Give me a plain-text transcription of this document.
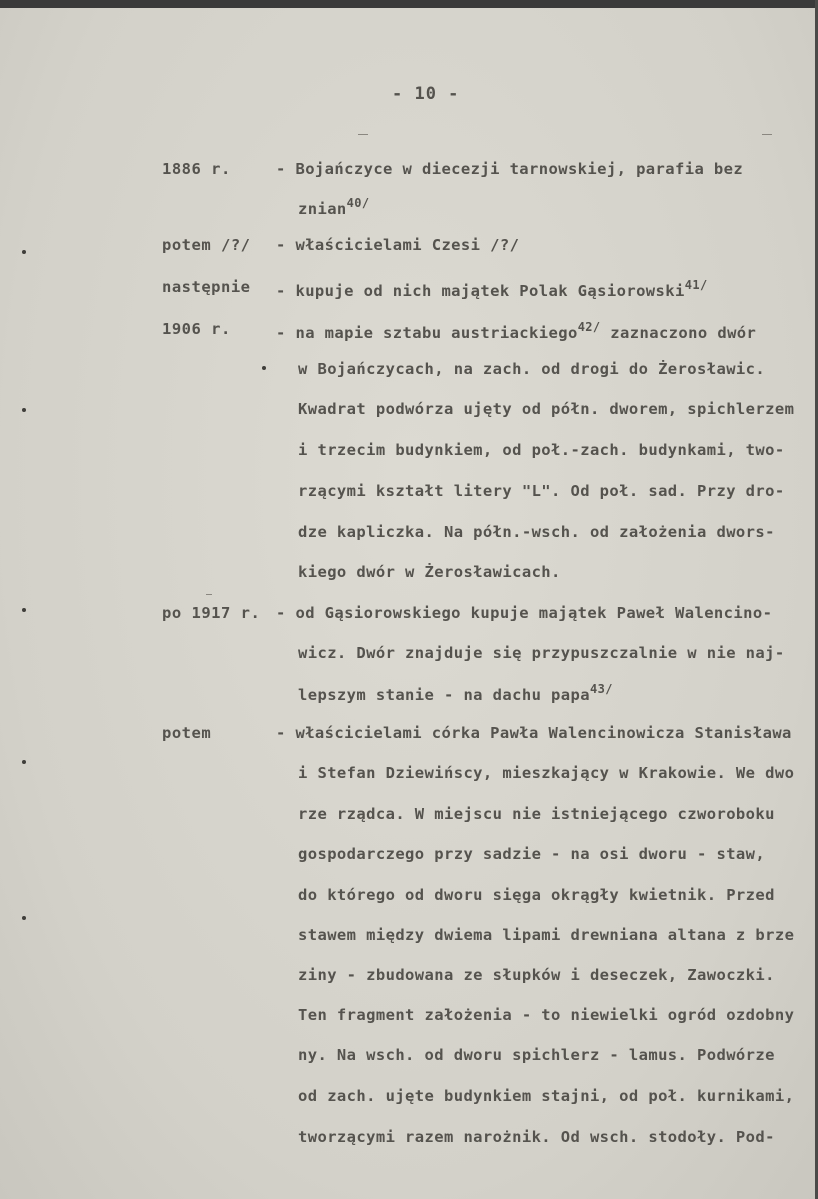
- 10 -
1886 r.	- Bojańczyce w diecezji tarnowskiej, parafia bez
znian$^{40/}$
potem /?/ - właścicielami Czesi /?/
następnie - kupuje od nich majątek Polak Gąsiorowski$^{41/}$
1906 r.	- na mapie sztabu austriackiego$^{42/}$ zaznaczono dwór
w Bojańczycach, na zach. od drogi do Żerosławic.
Kwadrat podwórza ujęty od półn. dworem, spichlerzem
i trzecim budynkiem, od poł.-zach. budynkami, two-
rzącymi kształt litery "L". Od poł. sad. Przy dro-
dze kapliczka. Na półn.-wsch. od założenia dwors-
kiego dwór w Żerosławicach.
po 1917 r. - od Gąsiorowskiego kupuje majątek Paweł Walencino-
wicz. Dwór znajduje się przypuszczalnie w nie naj-
lepszym stanie - na dachu papa$^{43/}$
potem	- właścicielami córka Pawła Walencinowicza Stanisława
i Stefan Dziewińscy, mieszkający w Krakowie. We dwo
rze rządca. W miejscu nie istniejącego czworoboku
gospodarczego przy sadzie - na osi dworu - staw,
do którego od dworu sięga okrągły kwietnik. Przed
stawem między dwiema lipami drewniana altana z brze
ziny - zbudowana ze słupków i deseczek, Zawoczki.
Ten fragment założenia - to niewielki ogród ozdobny
ny. Na wsch. od dworu spichlerz - lamus. Podwórze
od zach. ujęte budynkiem stajni, od poł. kurnikami,
tworzącymi razem narożnik. Od wsch. stodoły. Pod-
